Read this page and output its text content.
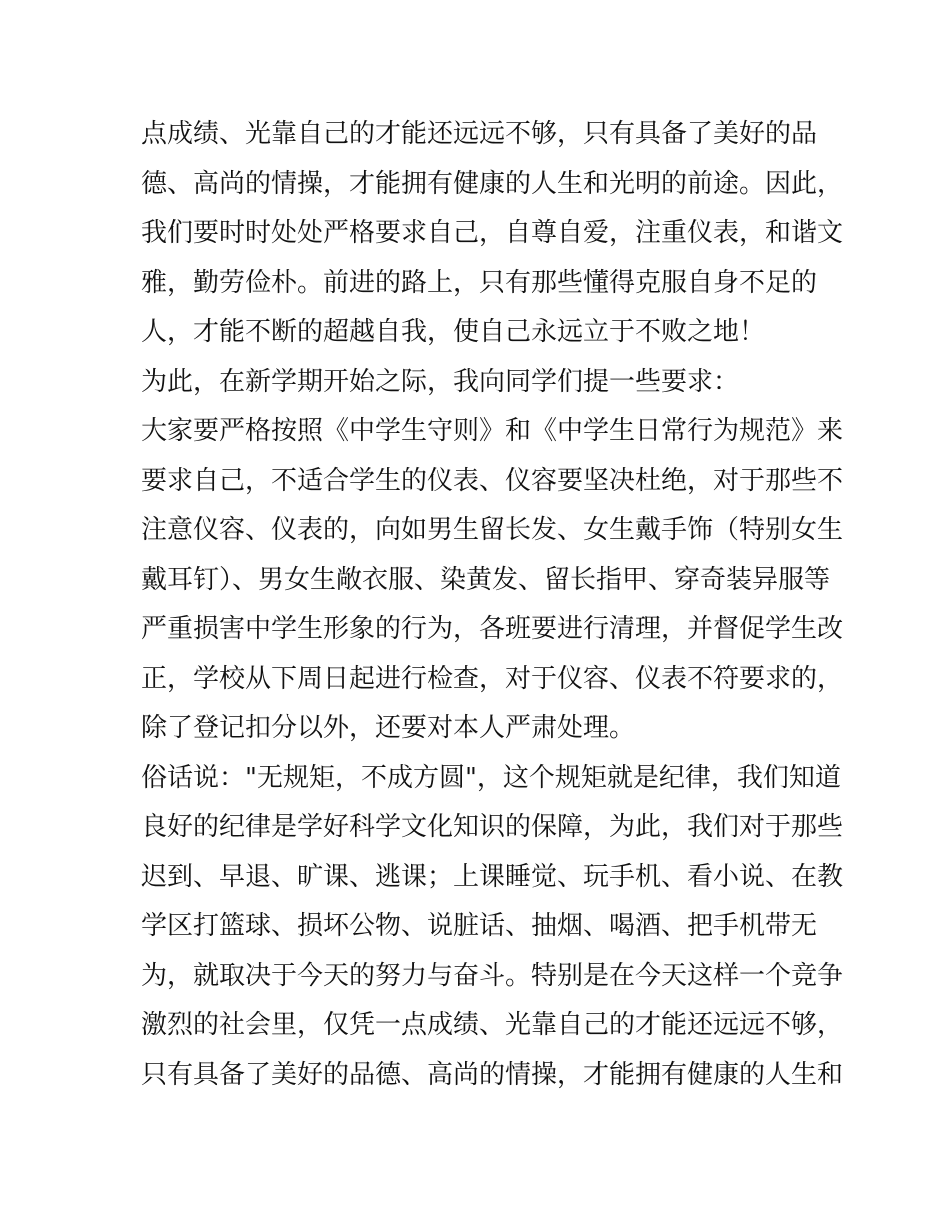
点成绩、光靠自己的才能还远远不够，只有具备了美好的品
德、高尚的情操，才能拥有健康的人生和光明的前途。因此，
我们要时时处处严格要求自己，自尊自爱，注重仪表，和谐文
雅，勤劳俭朴。前进的路上，只有那些懂得克服自身不足的
人，才能不断的超越自我，使自己永远立于不败之地！
为此，在新学期开始之际，我向同学们提一些要求：
大家要严格按照《中学生守则》和《中学生日常行为规范》来
要求自己，不适合学生的仪表、仪容要坚决杜绝，对于那些不
注意仪容、仪表的，向如男生留长发、女生戴手饰（特别女生
戴耳钉）、男女生敞衣服、染黄发、留长指甲、穿奇装异服等
严重损害中学生形象的行为，各班要进行清理，并督促学生改
正，学校从下周日起进行检查，对于仪容、仪表不符要求的，
除了登记扣分以外，还要对本人严肃处理。
俗话说："无规矩，不成方圆"，这个规矩就是纪律，我们知道
良好的纪律是学好科学文化知识的保障，为此，我们对于那些
迟到、早退、旷课、逃课；上课睡觉、玩手机、看小说、在教
学区打篮球、损坏公物、说脏话、抽烟、喝酒、把手机带无
为，就取决于今天的努力与奋斗。特别是在今天这样一个竞争
激烈的社会里，仅凭一点成绩、光靠自己的才能还远远不够，
只有具备了美好的品德、高尚的情操，才能拥有健康的人生和
